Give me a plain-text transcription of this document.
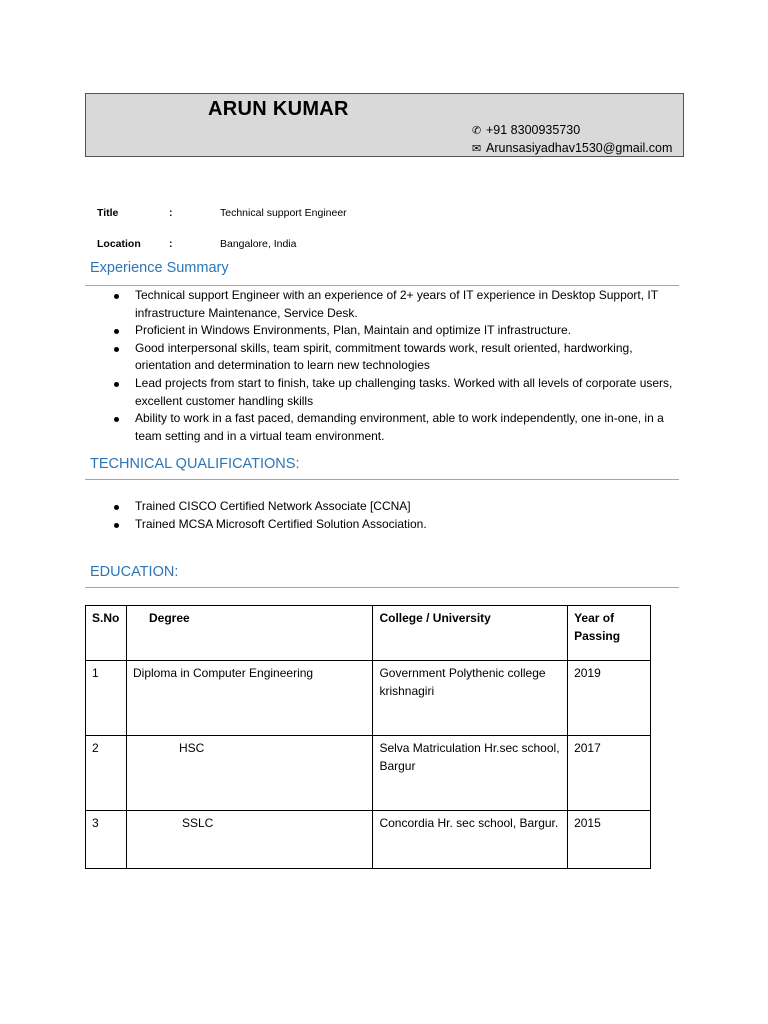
ARUN KUMAR
✆ +91 8300935730
✉ Arunsasiyadhav1530@gmail.com
Title	:	Technical support Engineer
Location	:	Bangalore, India
Experience Summary
Technical support Engineer with an experience of 2+ years of IT experience in Desktop Support, IT infrastructure Maintenance, Service Desk.
Proficient in Windows Environments, Plan, Maintain and optimize IT infrastructure.
Good interpersonal skills, team spirit, commitment towards work, result oriented, hardworking, orientation and determination to learn new technologies
Lead projects from start to finish, take up challenging tasks. Worked with all levels of corporate users, excellent customer handling skills
Ability to work in a fast paced, demanding environment, able to work independently, one in-one, in a team setting and in a virtual team environment.
TECHNICAL QUALIFICATIONS:
Trained CISCO Certified Network Associate [CCNA]
Trained MCSA Microsoft Certified Solution Association.
EDUCATION:
S.No	Degree	College / University	Year of Passing
1	Diploma in Computer Engineering	Government Polythenic college krishnagiri	2019
2	HSC	Selva Matriculation Hr.sec school, Bargur	2017
3	SSLC	Concordia Hr. sec school, Bargur.	2015
